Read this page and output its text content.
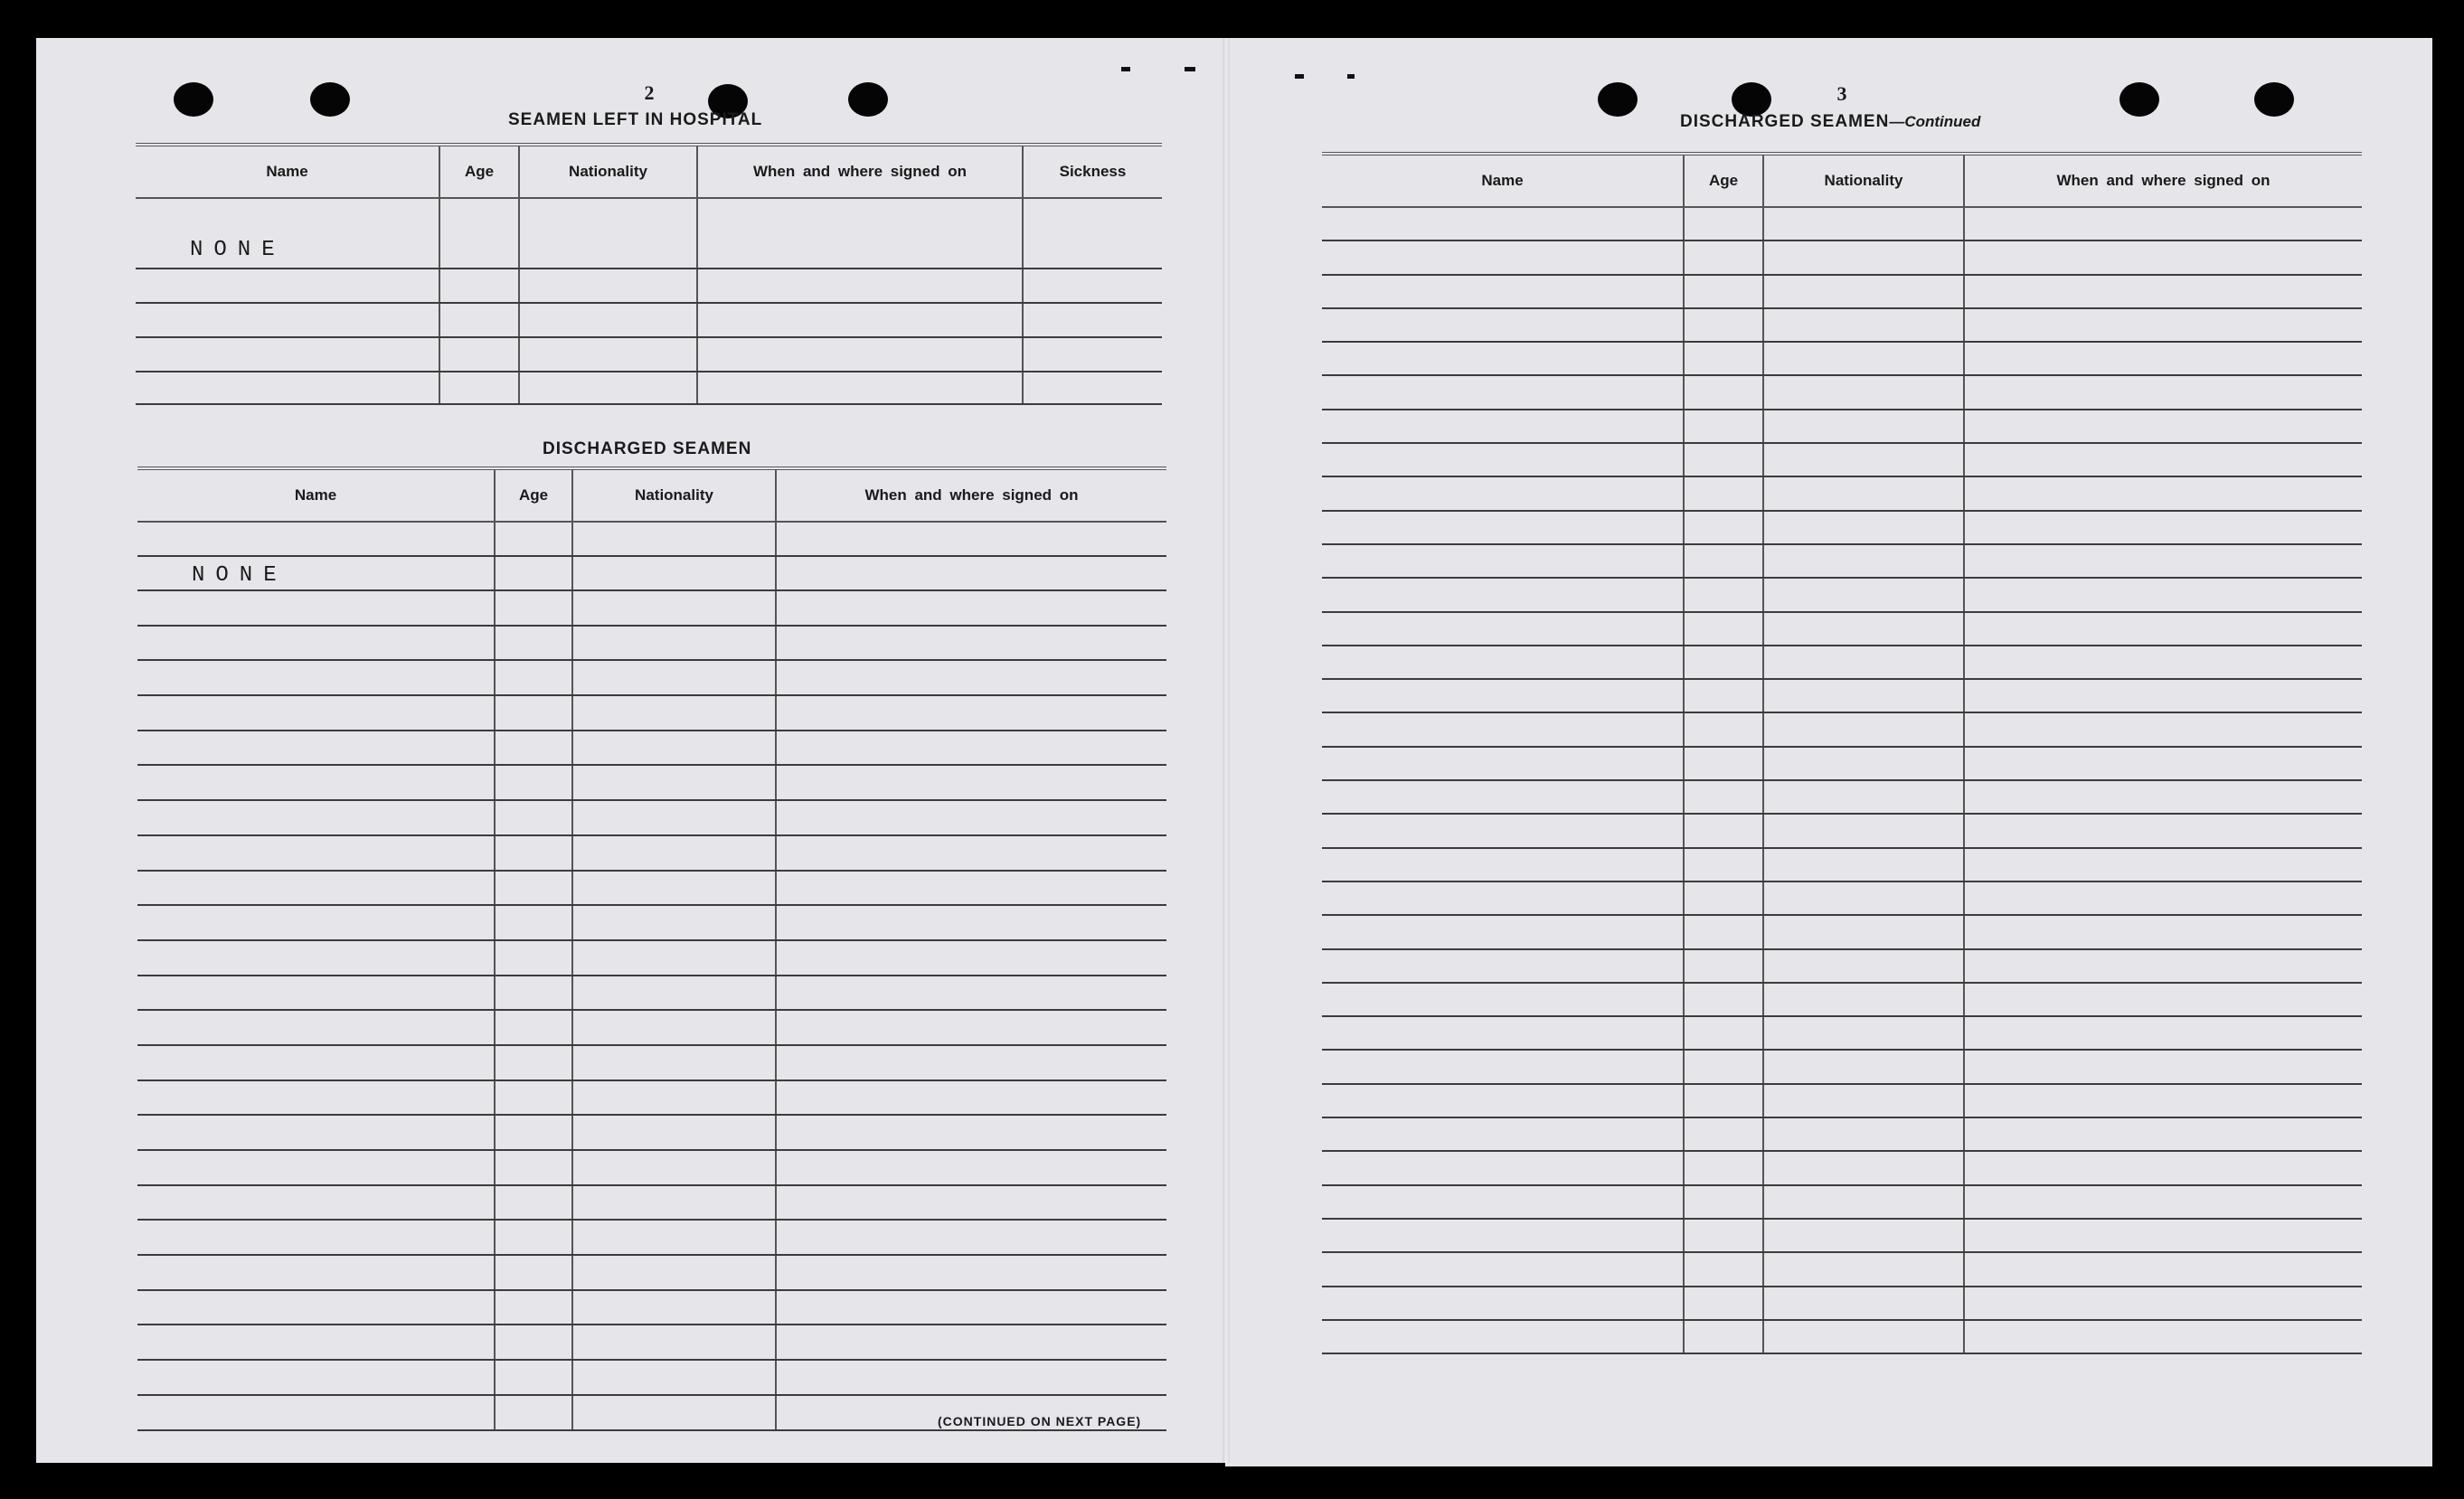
2
SEAMEN LEFT IN HOSPITAL
Name	Age	Nationality	When and where signed on	Sickness
NONE				

DISCHARGED SEAMEN
Name	Age	Nationality	When and where signed on

NONE			

(CONTINUED ON NEXT PAGE)
3
DISCHARGED SEAMEN—Continued
Name	Age	Nationality	When and where signed on
